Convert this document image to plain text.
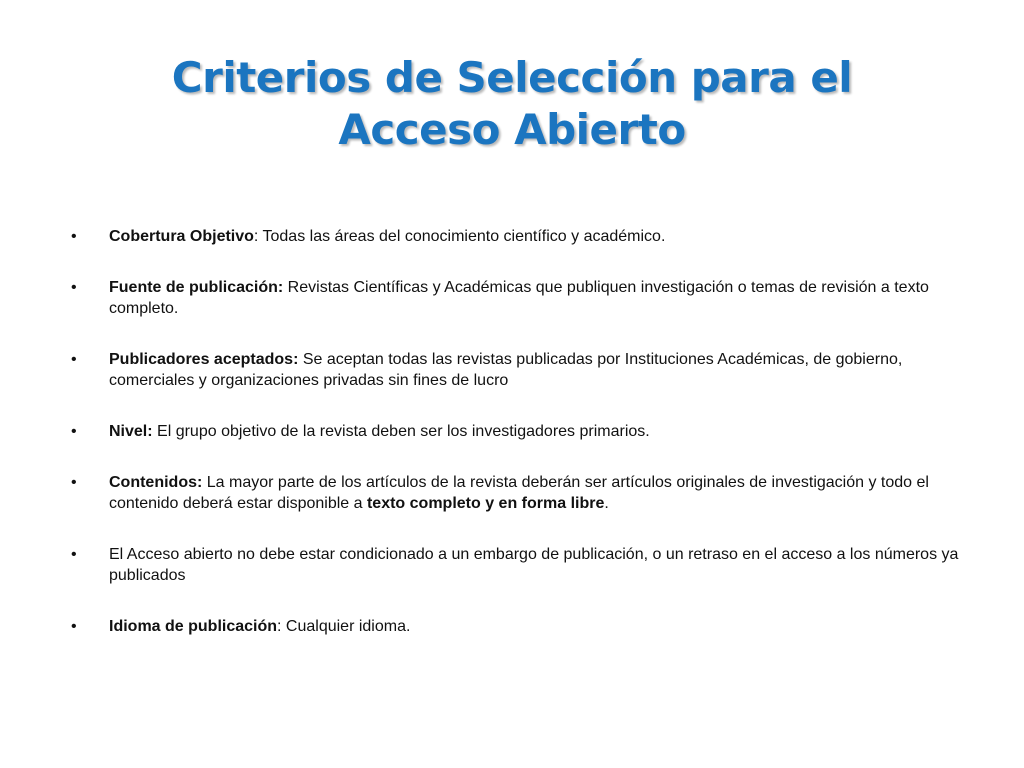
Criterios de Selección para el
Acceso Abierto
•	Cobertura Objetivo: Todas las áreas del conocimiento científico y académico.
•	Fuente de publicación: Revistas Científicas y Académicas que publiquen investigación o temas de revisión a texto completo.
•	Publicadores aceptados: Se aceptan todas las revistas publicadas por Instituciones Académicas, de gobierno, comerciales y organizaciones privadas sin fines de lucro
•	Nivel: El grupo objetivo de la revista deben ser los investigadores primarios.
•	Contenidos: La mayor parte de los artículos de la revista deberán ser artículos originales de investigación y todo el contenido deberá estar disponible a texto completo y en forma libre.
•	El Acceso abierto no debe estar condicionado a un embargo de publicación, o un retraso en el acceso a los números ya publicados
•	Idioma de publicación: Cualquier idioma.
